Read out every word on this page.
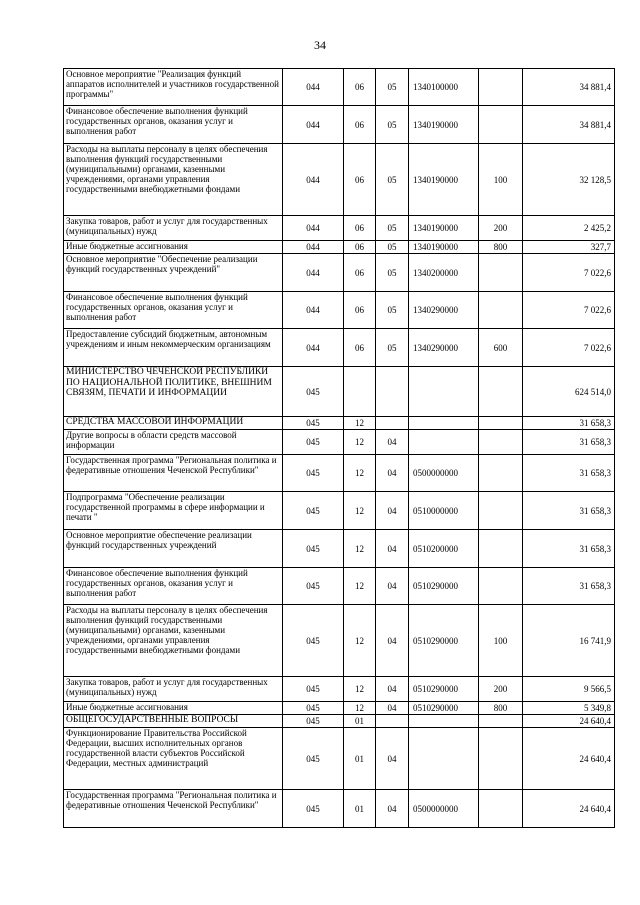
34
Основное мероприятие "Реализация функций аппаратов исполнителей и участников государственной программы"	044	06	05	1340100000		34 881,4
Финансовое обеспечение выполнения функций государственных органов, оказания услуг и выполнения работ	044	06	05	1340190000		34 881,4
Расходы на выплаты персоналу в целях обеспечения выполнения функций государственными (муниципальными) органами, казенными учреждениями, органами управления государственными внебюджетными фондами	044	06	05	1340190000	100	32 128,5
Закупка товаров, работ и услуг для государственных (муниципальных) нужд	044	06	05	1340190000	200	2 425,2
Иные бюджетные ассигнования	044	06	05	1340190000	800	327,7
Основное мероприятие "Обеспечение реализации функций государственных учреждений"	044	06	05	1340200000		7 022,6
Финансовое обеспечение выполнения функций государственных органов, оказания услуг и выполнения работ	044	06	05	1340290000		7 022,6
Предоставление субсидий бюджетным, автономным учреждениям и иным некоммерческим организациям	044	06	05	1340290000	600	7 022,6
МИНИСТЕРСТВО ЧЕЧЕНСКОЙ РЕСПУБЛИКИ ПО НАЦИОНАЛЬНОЙ ПОЛИТИКЕ, ВНЕШНИМ СВЯЗЯМ, ПЕЧАТИ И ИНФОРМАЦИИ	045					624 514,0
СРЕДСТВА МАССОВОЙ ИНФОРМАЦИИ	045	12				31 658,3
Другие вопросы в области средств массовой информации	045	12	04			31 658,3
Государственная программа "Региональная политика и федеративные отношения Чеченской Республики"	045	12	04	0500000000		31 658,3
Подпрограмма "Обеспечение реализации государственной программы в сфере информации и печати "	045	12	04	0510000000		31 658,3
Основное мероприятие обеспечение реализации функций государственных учреждений	045	12	04	0510200000		31 658,3
Финансовое обеспечение выполнения функций государственных органов, оказания услуг и выполнения работ	045	12	04	0510290000		31 658,3
Расходы на выплаты персоналу в целях обеспечения выполнения функций государственными (муниципальными) органами, казенными учреждениями, органами управления государственными внебюджетными фондами	045	12	04	0510290000	100	16 741,9
Закупка товаров, работ и услуг для государственных (муниципальных) нужд	045	12	04	0510290000	200	9 566,5
Иные бюджетные ассигнования	045	12	04	0510290000	800	5 349,8
ОБЩЕГОСУДАРСТВЕННЫЕ ВОПРОСЫ	045	01				24 640,4
Функционирование Правительства Российской Федерации, высших исполнительных органов государственной власти субъектов Российской Федерации, местных администраций	045	01	04			24 640,4
Государственная программа "Региональная политика и федеративные отношения Чеченской Республики"	045	01	04	0500000000		24 640,4
